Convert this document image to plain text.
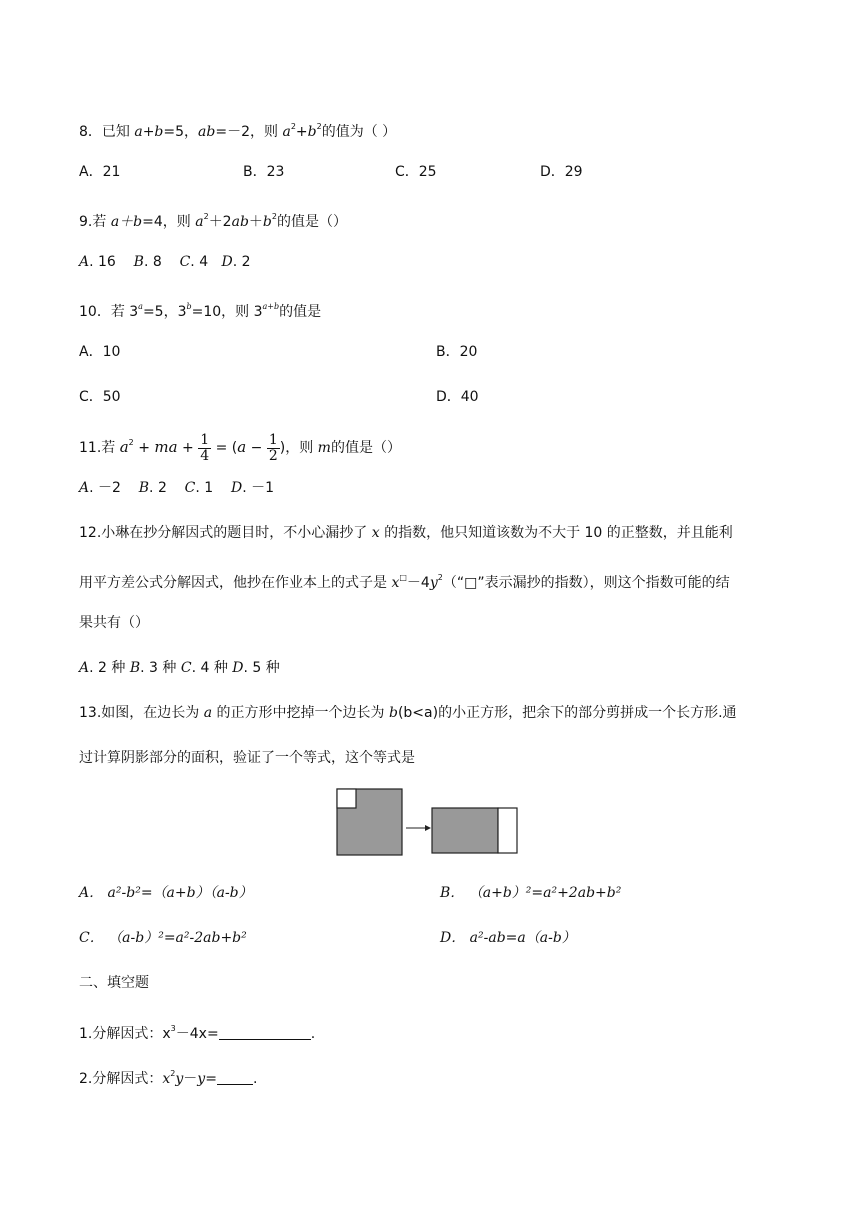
8．已知 a+b=5，ab=－2，则 $a^2+b^2$的值为（ ）
A．21	B．23	C．25	D．29
9.若 a＋b=4，则 $a^2+2ab+b^2$的值是（）
A. 16 B. 8 C. 4 D. 2
10．若 $3^a=5$，$3^b=10$，则 $3^{a+b}$的值是
A．10	B．20
C．50	D．40
11.若 $a^2$ + ma + $\frac{1}{4} = (a - \frac{1}{2}$ )，则 m的值是（）
A. －2 B. 2 C. 1 D. －1
12.小琳在抄分解因式的题目时，不小心漏抄了 x 的指数，他只知道该数为不大于 10 的正整数，并且能利
用平方差公式分解因式，他抄在作业本上的式子是 $x^□-4y^2(“□$”表示漏抄的指数），则这个指数可能的结
果共有（）
A. 2 种 B. 3 种 C. 4 种 D. 5 种
13.如图，在边长为 a 的正方形中挖掉一个边长为 b(b<a)的小正方形，把余下的部分剪拼成一个长方形.通
过计算阴影部分的面积，验证了一个等式，这个等式是
A． a²-b²=（a+b）（a-b）	B． （a+b）²=a²+2ab+b²
C． （a-b）²=a²-2ab+b²	D． a²-ab=a（a-b）
二、填空题
1.分解因式：$x^3-4x=$	.
2.分解因式：$x^2y-y=$	.
